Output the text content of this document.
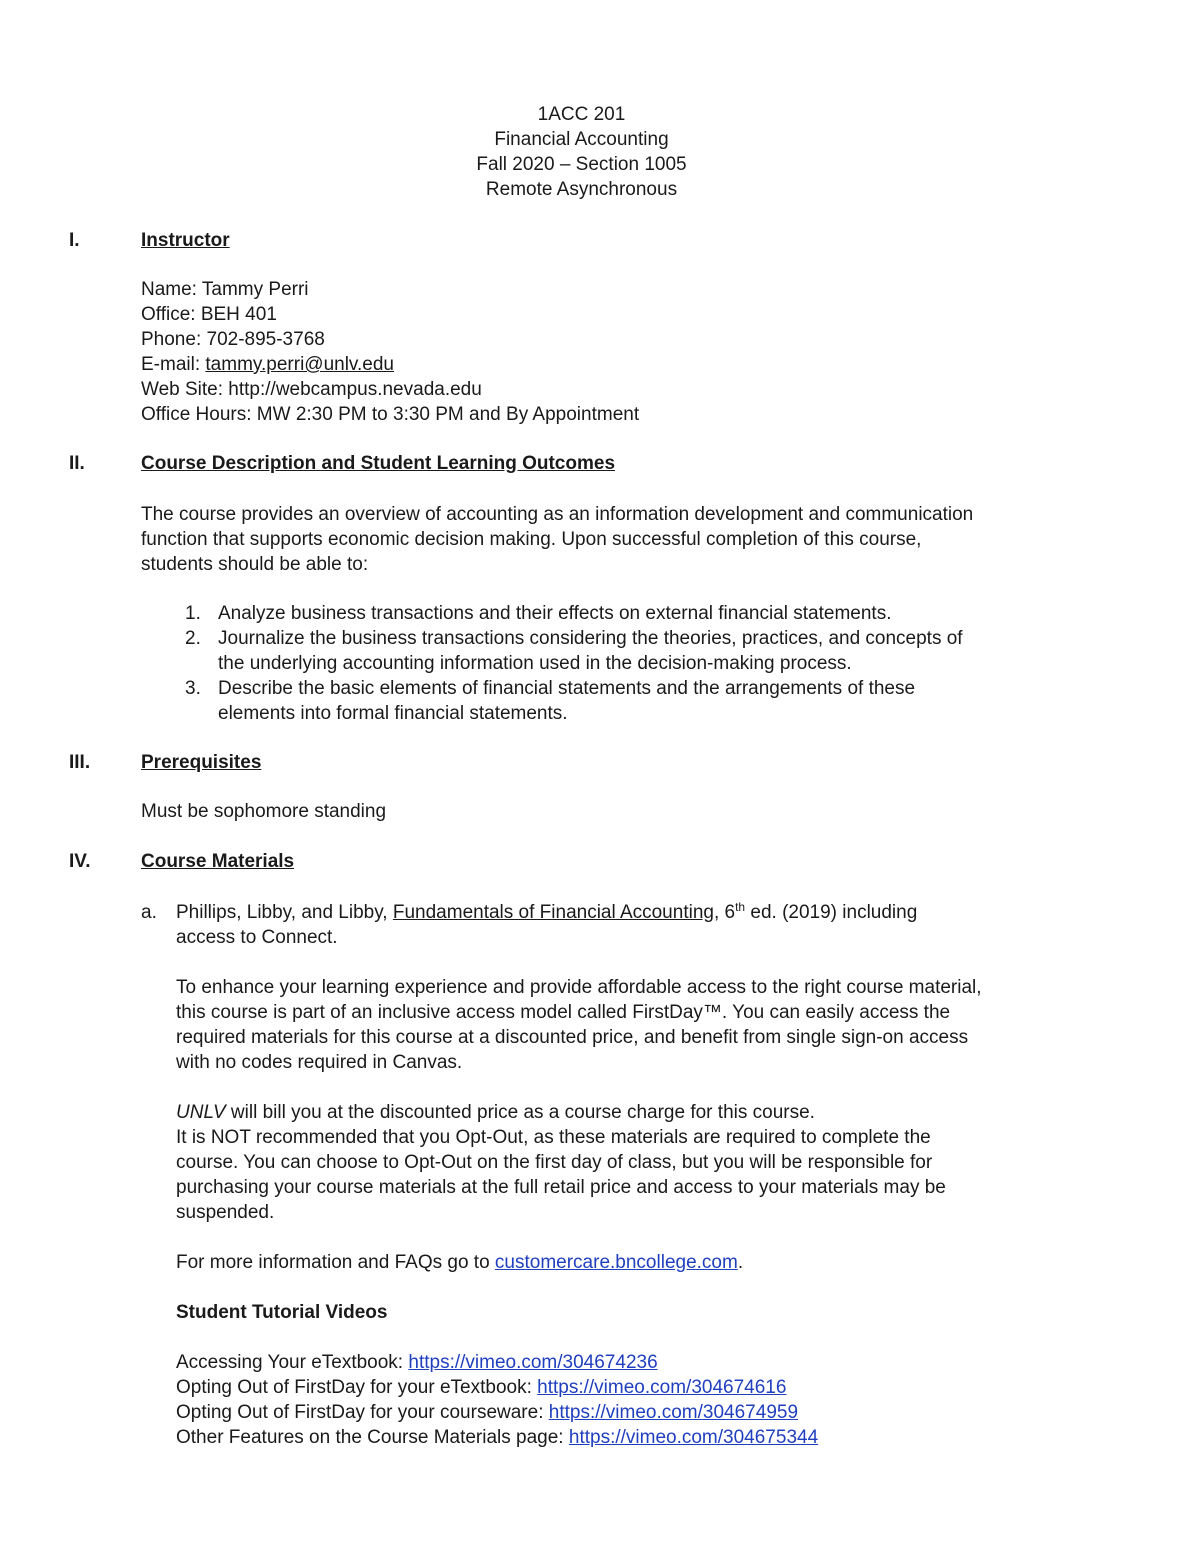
1ACC 201
Financial Accounting
Fall 2020 – Section 1005
Remote Asynchronous
I.	Instructor
Name: Tammy Perri
Office: BEH 401
Phone: 702-895-3768
E-mail: tammy.perri@unlv.edu
Web Site: http://webcampus.nevada.edu
Office Hours: MW 2:30 PM to 3:30 PM and By Appointment
II.	Course Description and Student Learning Outcomes
The course provides an overview of accounting as an information development and communication
function that supports economic decision making. Upon successful completion of this course,
students should be able to:
1. Analyze business transactions and their effects on external financial statements.
2. Journalize the business transactions considering the theories, practices, and concepts of
the underlying accounting information used in the decision-making process.
3. Describe the basic elements of financial statements and the arrangements of these
elements into formal financial statements.
III.	Prerequisites
Must be sophomore standing
IV.	Course Materials
a. Phillips, Libby, and Libby, Fundamentals of Financial Accounting, 6th ed. (2019) including
access to Connect.
To enhance your learning experience and provide affordable access to the right course material,
this course is part of an inclusive access model called FirstDay™. You can easily access the
required materials for this course at a discounted price, and benefit from single sign-on access
with no codes required in Canvas.
UNLV will bill you at the discounted price as a course charge for this course.
It is NOT recommended that you Opt-Out, as these materials are required to complete the
course. You can choose to Opt-Out on the first day of class, but you will be responsible for
purchasing your course materials at the full retail price and access to your materials may be
suspended.
For more information and FAQs go to customercare.bncollege.com.
Student Tutorial Videos
Accessing Your eTextbook: https://vimeo.com/304674236
Opting Out of FirstDay for your eTextbook: https://vimeo.com/304674616
Opting Out of FirstDay for your courseware: https://vimeo.com/304674959
Other Features on the Course Materials page: https://vimeo.com/304675344
